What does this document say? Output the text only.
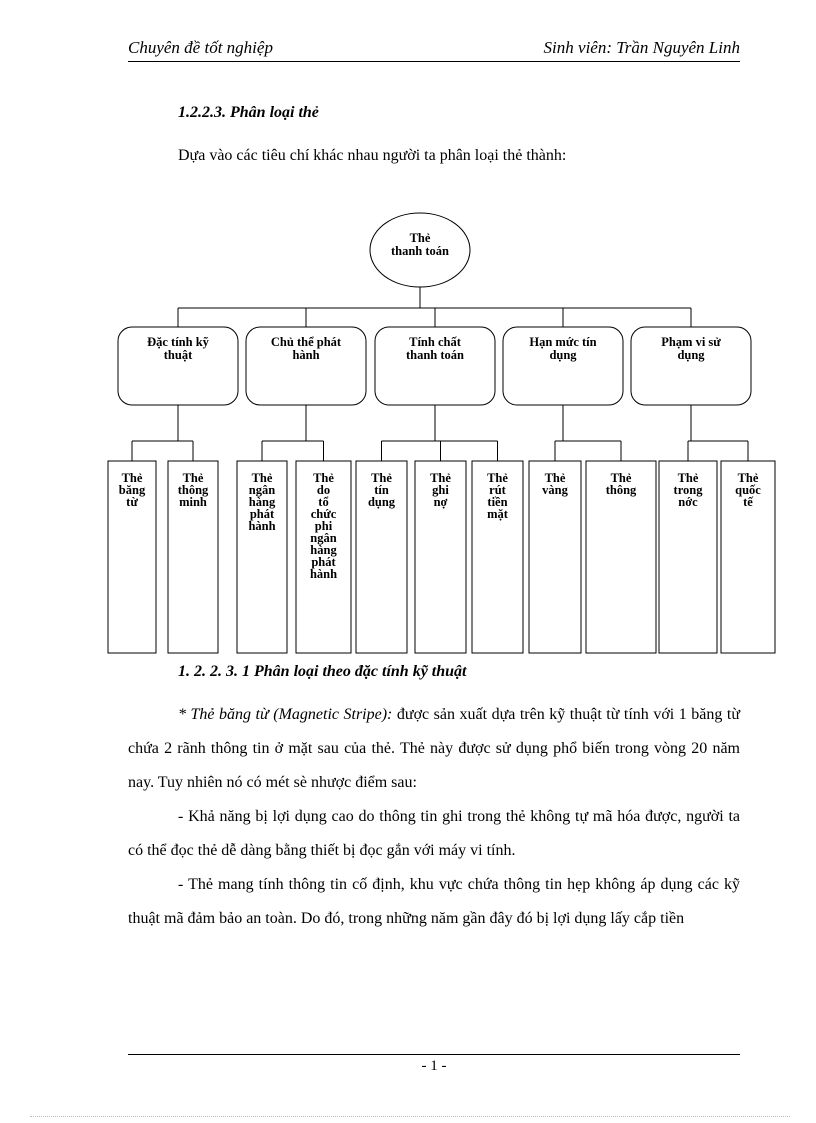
Chuyên đề tốt nghiệp	Sinh viên: Trần Nguyên Linh
1.2.2.3. Phân loại thẻ
Dựa vào các tiêu chí khác nhau người ta phân loại thẻ thành:
Thẻ
thanh toán
Đặc tính kỹ
thuật
Thẻ
băng
từ
Thẻ
thông
minh
Chủ thể phát
hành
Thẻ
ngân
hàng
phát
hành
Thẻ
do
tổ
chức
phi
ngân
hàng
phát
hành
Tính chất
thanh toán
Thẻ
tín
dụng
Thẻ
ghi
nợ
Thẻ
rút
tiền
mặt
Hạn mức tín
dụng
Thẻ
vàng
Thẻ
thông
Phạm vi sử
dụng
Thẻ
trong
nớc
Thẻ
quốc
tế
1. 2. 2. 3. 1 Phân loại theo đặc tính kỹ thuật

* Thẻ băng từ (Magnetic Stripe): được sản xuất dựa trên kỹ thuật từ tính với 1 băng từ chứa 2 rãnh thông tin ở mặt sau của thẻ. Thẻ này được sử dụng phổ biến trong vòng 20 năm nay. Tuy nhiên nó có mét sè nhược điểm sau:

- Khả năng bị lợi dụng cao do thông tin ghi trong thẻ không tự mã hóa được, người ta có thể đọc thẻ dễ dàng bằng thiết bị đọc gắn với máy vi tính.

- Thẻ mang tính thông tin cố định, khu vực chứa thông tin hẹp không áp dụng các kỹ thuật mã đảm bảo an toàn. Do đó, trong những năm gần đây đó bị lợi dụng lấy cắp tiền

- 1 -
